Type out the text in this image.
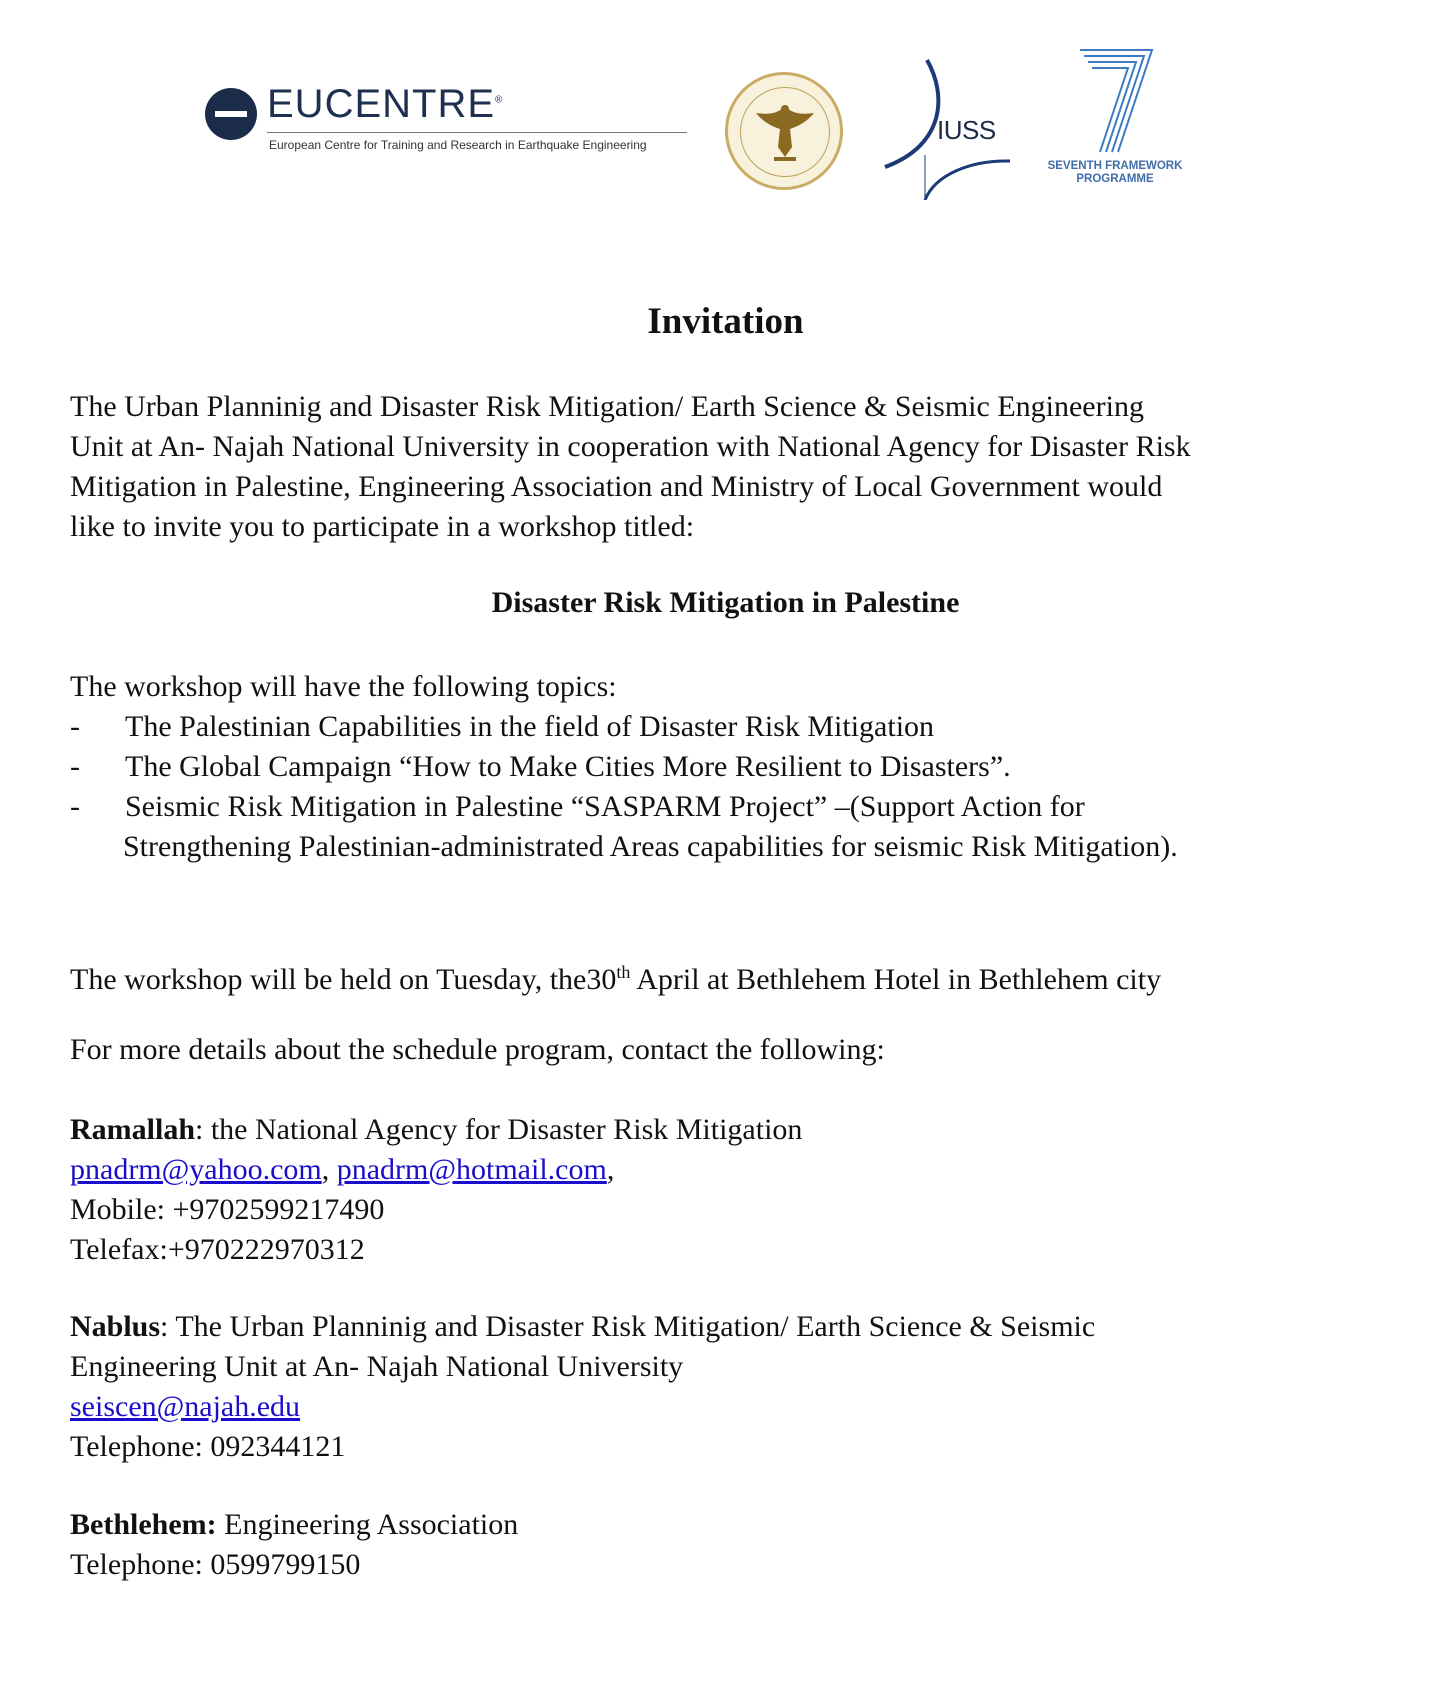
EUCENTRE®
European Centre for Training and Research in Earthquake Engineering	IUSS
SEVENTH FRAMEWORK
PROGRAMME
Invitation
The Urban Planninig and Disaster Risk Mitigation/ Earth Science & Seismic Engineering
Unit at An- Najah National University in cooperation with National Agency for Disaster Risk
Mitigation in Palestine, Engineering Association and Ministry of Local Government would
like to invite you to participate in a workshop titled:
Disaster Risk Mitigation in Palestine
The workshop will have the following topics:
- The Palestinian Capabilities in the field of Disaster Risk Mitigation
- The Global Campaign “How to Make Cities More Resilient to Disasters”.
- Seismic Risk Mitigation in Palestine “SASPARM Project” –(Support Action for
Strengthening Palestinian-administrated Areas capabilities for seismic Risk Mitigation).
The workshop will be held on Tuesday, the30th April at Bethlehem Hotel in Bethlehem city
For more details about the schedule program, contact the following:
Ramallah: the National Agency for Disaster Risk Mitigation
pnadrm@yahoo.com, pnadrm@hotmail.com,
Mobile: +9702599217490
Telefax:+970222970312
Nablus: The Urban Planninig and Disaster Risk Mitigation/ Earth Science & Seismic
Engineering Unit at An- Najah National University
seiscen@najah.edu
Telephone: 092344121
Bethlehem: Engineering Association
Telephone: 0599799150
